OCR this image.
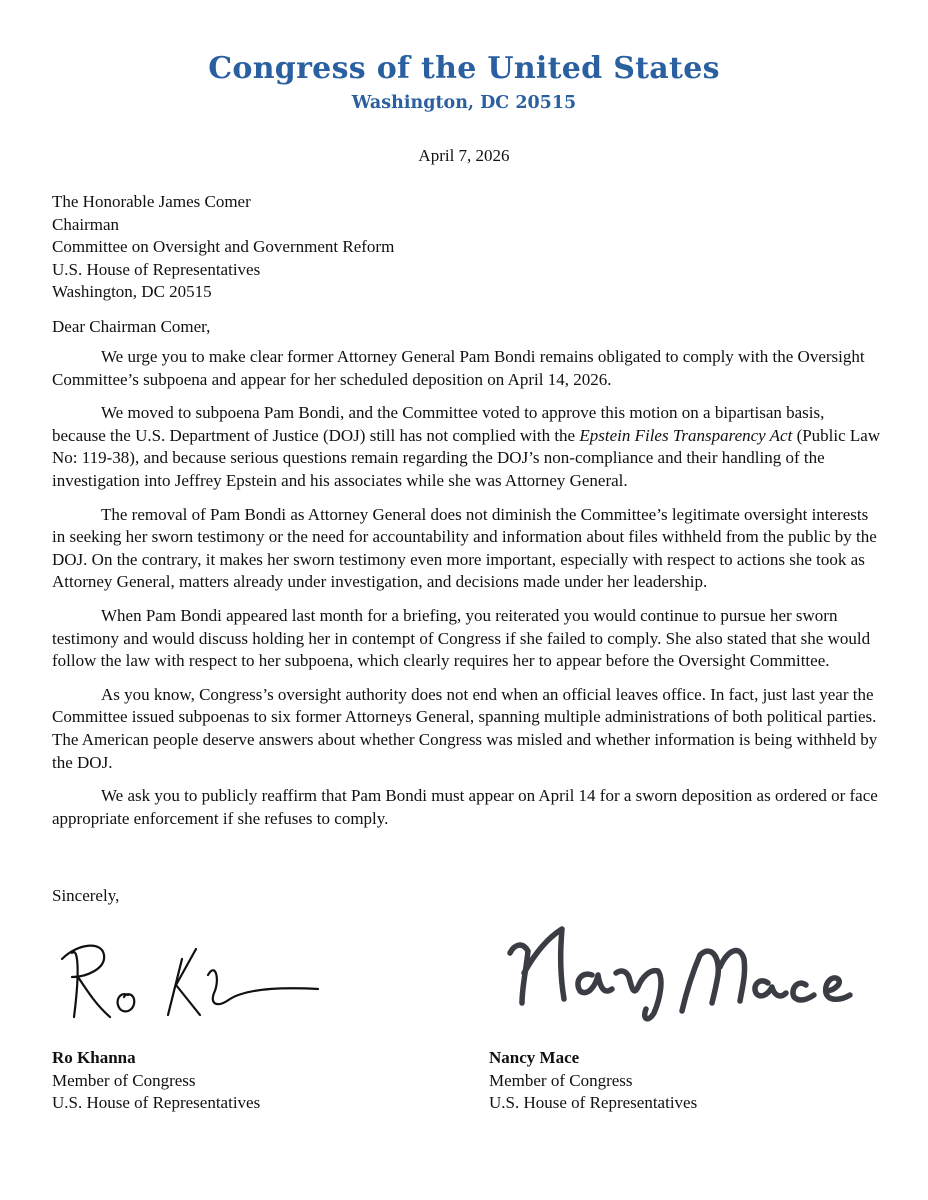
Congress of the United States
Washington, DC 20515
April 7, 2026
The Honorable James Comer
Chairman
Committee on Oversight and Government Reform
U.S. House of Representatives
Washington, DC 20515
Dear Chairman Comer,

We urge you to make clear former Attorney General Pam Bondi remains obligated to comply with the Oversight Committee’s subpoena and appear for her scheduled deposition on April 14, 2026.

We moved to subpoena Pam Bondi, and the Committee voted to approve this motion on a bipartisan basis, because the U.S. Department of Justice (DOJ) still has not complied with the Epstein Files Transparency Act (Public Law No: 119-38), and because serious questions remain regarding the DOJ’s non-compliance and their handling of the investigation into Jeffrey Epstein and his associates while she was Attorney General.

The removal of Pam Bondi as Attorney General does not diminish the Committee’s legitimate oversight interests in seeking her sworn testimony or the need for accountability and information about files withheld from the public by the DOJ. On the contrary, it makes her sworn testimony even more important, especially with respect to actions she took as Attorney General, matters already under investigation, and decisions made under her leadership.

When Pam Bondi appeared last month for a briefing, you reiterated you would continue to pursue her sworn testimony and would discuss holding her in contempt of Congress if she failed to comply. She also stated that she would follow the law with respect to her subpoena, which clearly requires her to appear before the Oversight Committee.

As you know, Congress’s oversight authority does not end when an official leaves office. In fact, just last year the Committee issued subpoenas to six former Attorneys General, spanning multiple administrations of both political parties. The American people deserve answers about whether Congress was misled and whether information is being withheld by the DOJ.

We ask you to publicly reaffirm that Pam Bondi must appear on April 14 for a sworn deposition as ordered or face appropriate enforcement if she refuses to comply.

Sincerely,
Ro Khanna
Member of Congress
U.S. House of Representatives
Nancy Mace
Member of Congress
U.S. House of Representatives
